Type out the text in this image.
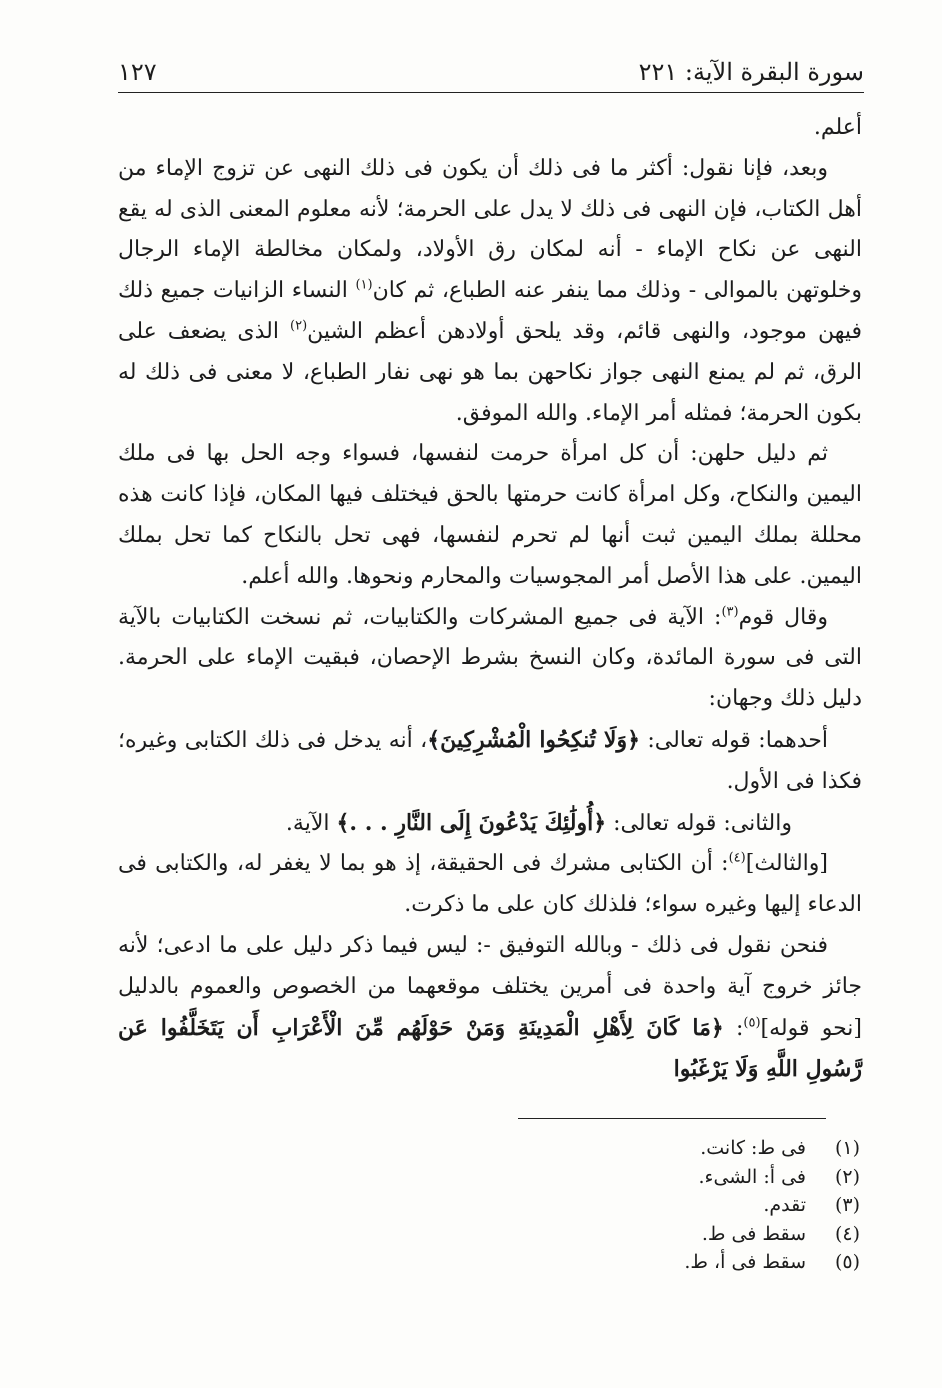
سورة البقرة الآية: ٢٢١
١٢٧

أعلم.

وبعد، فإنا نقول: أكثر ما فى ذلك أن يكون فى ذلك النهى عن تزوج الإماء من أهل الكتاب، فإن النهى فى ذلك لا يدل على الحرمة؛ لأنه معلوم المعنى الذى له يقع النهى عن نكاح الإماء - أنه لمكان رق الأولاد، ولمكان مخالطة الإماء الرجال وخلوتهن بالموالى - وذلك مما ينفر عنه الطباع، ثم كان$^{(١)}$ النساء الزانيات جميع ذلك فيهن موجود، والنهى قائم، وقد يلحق أولادهن أعظم الشين$^{(٢)}$ الذى يضعف على الرق، ثم لم يمنع النهى جواز نكاحهن بما هو نهى نفار الطباع، لا معنى فى ذلك له بكون الحرمة؛ فمثله أمر الإماء. والله الموفق.

ثم دليل حلهن: أن كل امرأة حرمت لنفسها، فسواء وجه الحل بها فى ملك اليمين والنكاح، وكل امرأة كانت حرمتها بالحق فيختلف فيها المكان، فإذا كانت هذه محللة بملك اليمين ثبت أنها لم تحرم لنفسها، فهى تحل بالنكاح كما تحل بملك اليمين. على هذا الأصل أمر المجوسيات والمحارم ونحوها. والله أعلم.

وقال قوم$^{(٣)}$: الآية فى جميع المشركات والكتابيات، ثم نسخت الكتابيات بالآية التى فى سورة المائدة، وكان النسخ بشرط الإحصان، فبقيت الإماء على الحرمة. دليل ذلك وجهان:

أحدهما: قوله تعالى: ﴿وَلَا تُنكِحُوا الْمُشْرِكِينَ﴾، أنه يدخل فى ذلك الكتابى وغيره؛ فكذا فى الأول.

والثانى: قوله تعالى: ﴿أُولَٰئِكَ يَدْعُونَ إِلَى النَّارِ . . .﴾ الآية.

[والثالث]$^{(٤)}$: أن الكتابى مشرك فى الحقيقة، إذ هو بما لا يغفر له، والكتابى فى الدعاء إليها وغيره سواء؛ فلذلك كان على ما ذكرت.

فنحن نقول فى ذلك - وبالله التوفيق -: ليس فيما ذكر دليل على ما ادعى؛ لأنه جائز خروج آية واحدة فى أمرين يختلف موقعهما من الخصوص والعموم بالدليل [نحو قوله]$^{(٥)}$: ﴿مَا كَانَ لِأَهْلِ الْمَدِينَةِ وَمَنْ حَوْلَهُم مِّنَ الْأَعْرَابِ أَن يَتَخَلَّفُوا عَن رَّسُولِ اللَّهِ وَلَا يَرْغَبُوا

(١)
فى ط: كانت.
(٢)
فى أ: الشىء.
(٣)
تقدم.
(٤)
سقط فى ط.
(٥)
سقط فى أ، ط.
